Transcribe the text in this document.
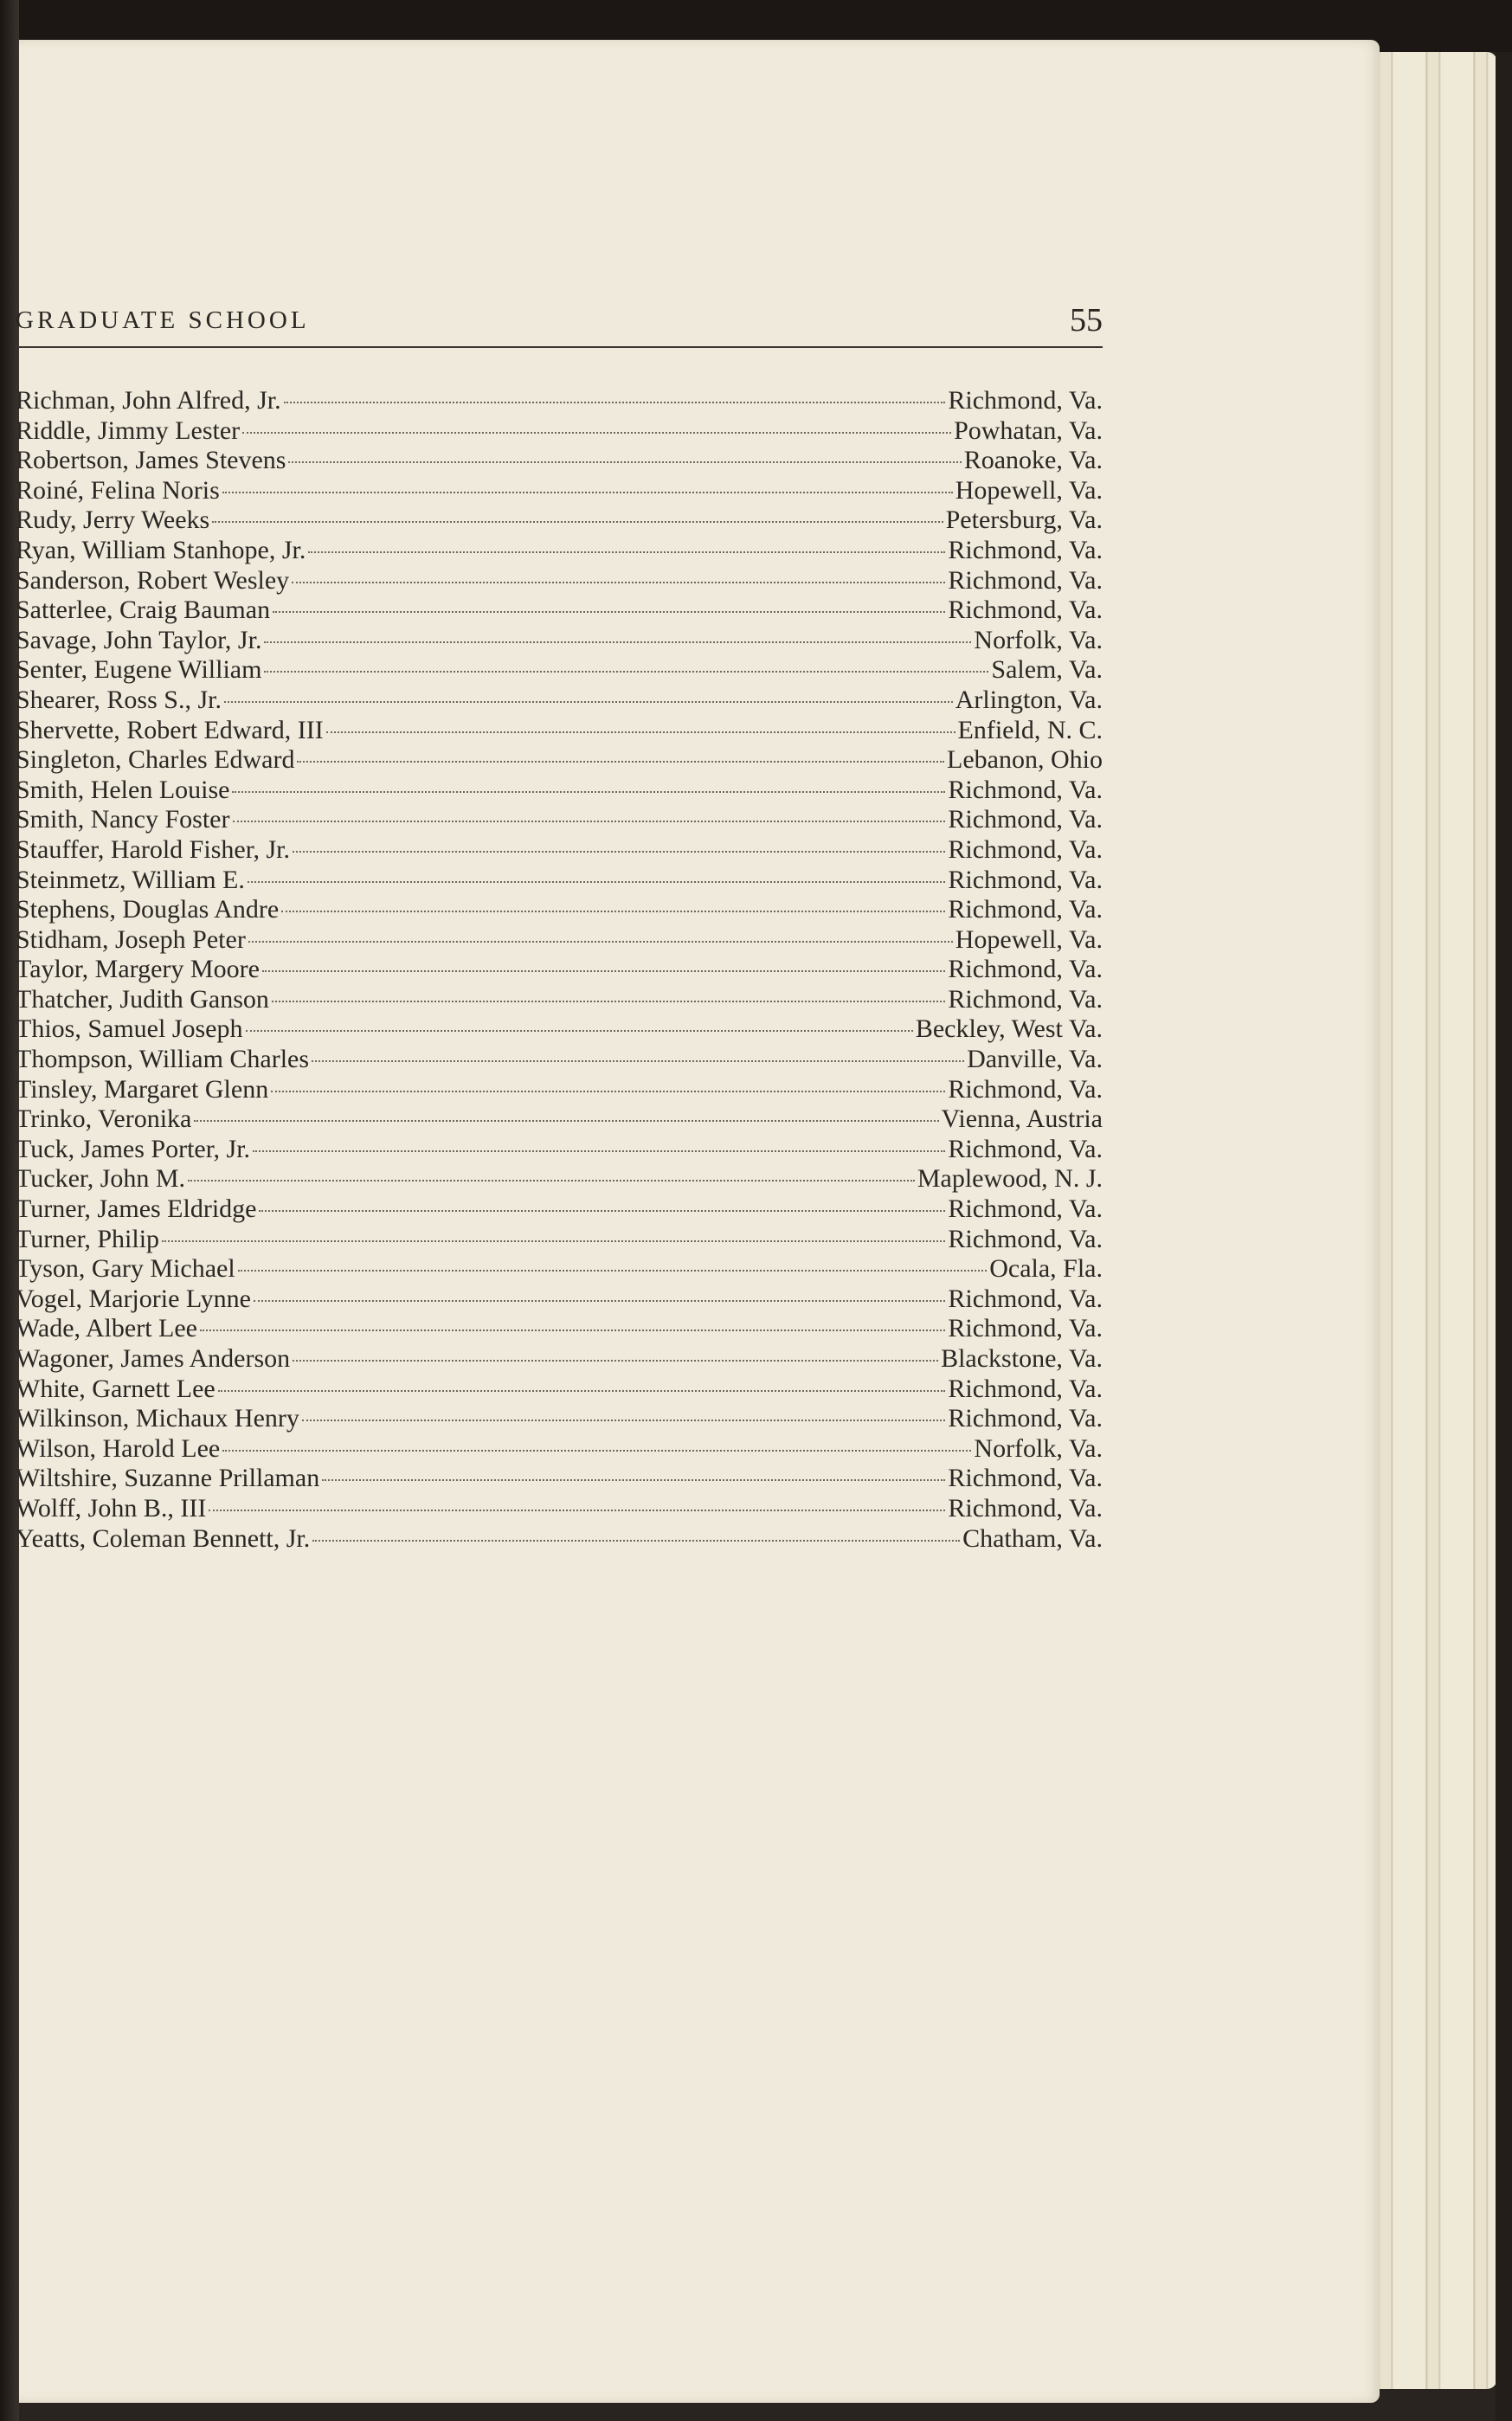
GRADUATE SCHOOL	55
Richman, John Alfred, Jr.	Richmond, Va.
Riddle, Jimmy Lester	Powhatan, Va.
Robertson, James Stevens	Roanoke, Va.
Roiné, Felina Noris	Hopewell, Va.
Rudy, Jerry Weeks	Petersburg, Va.
Ryan, William Stanhope, Jr.	Richmond, Va.
Sanderson, Robert Wesley	Richmond, Va.
Satterlee, Craig Bauman	Richmond, Va.
Savage, John Taylor, Jr.	Norfolk, Va.
Senter, Eugene William	Salem, Va.
Shearer, Ross S., Jr.	Arlington, Va.
Shervette, Robert Edward, III	Enfield, N. C.
Singleton, Charles Edward	Lebanon, Ohio
Smith, Helen Louise	Richmond, Va.
Smith, Nancy Foster	Richmond, Va.
Stauffer, Harold Fisher, Jr.	Richmond, Va.
Steinmetz, William E.	Richmond, Va.
Stephens, Douglas Andre	Richmond, Va.
Stidham, Joseph Peter	Hopewell, Va.
Taylor, Margery Moore	Richmond, Va.
Thatcher, Judith Ganson	Richmond, Va.
Thios, Samuel Joseph	Beckley, West Va.
Thompson, William Charles	Danville, Va.
Tinsley, Margaret Glenn	Richmond, Va.
Trinko, Veronika	Vienna, Austria
Tuck, James Porter, Jr.	Richmond, Va.
Tucker, John M.	Maplewood, N. J.
Turner, James Eldridge	Richmond, Va.
Turner, Philip	Richmond, Va.
Tyson, Gary Michael	Ocala, Fla.
Vogel, Marjorie Lynne	Richmond, Va.
Wade, Albert Lee	Richmond, Va.
Wagoner, James Anderson	Blackstone, Va.
White, Garnett Lee	Richmond, Va.
Wilkinson, Michaux Henry	Richmond, Va.
Wilson, Harold Lee	Norfolk, Va.
Wiltshire, Suzanne Prillaman	Richmond, Va.
Wolff, John B., III	Richmond, Va.
Yeatts, Coleman Bennett, Jr.	Chatham, Va.
